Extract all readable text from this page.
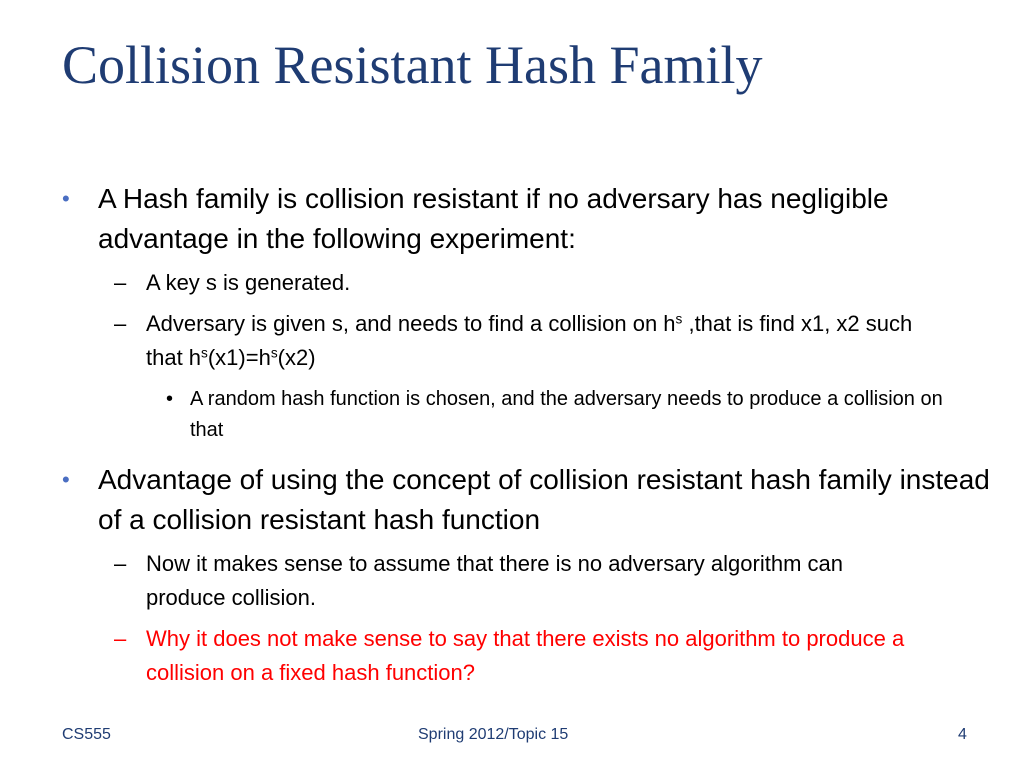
Collision Resistant Hash Family
•	A Hash family is collision resistant if no adversary has negligible advantage in the following experiment:
– A key s is generated.
– Adversary is given s, and needs to find a collision on $h^s$ ,that is find x1, x2 such that $h^s(x1)=h^s(x2)$
• A random hash function is chosen, and the adversary needs to produce a collision on that
•	Advantage of using the concept of collision resistant hash family instead of a collision resistant hash function
– Now it makes sense to assume that there is no adversary algorithm can produce collision.
– Why it does not make sense to say that there exists no algorithm to produce a collision on a fixed hash function?
CS555	Spring 2012/Topic 15	4
